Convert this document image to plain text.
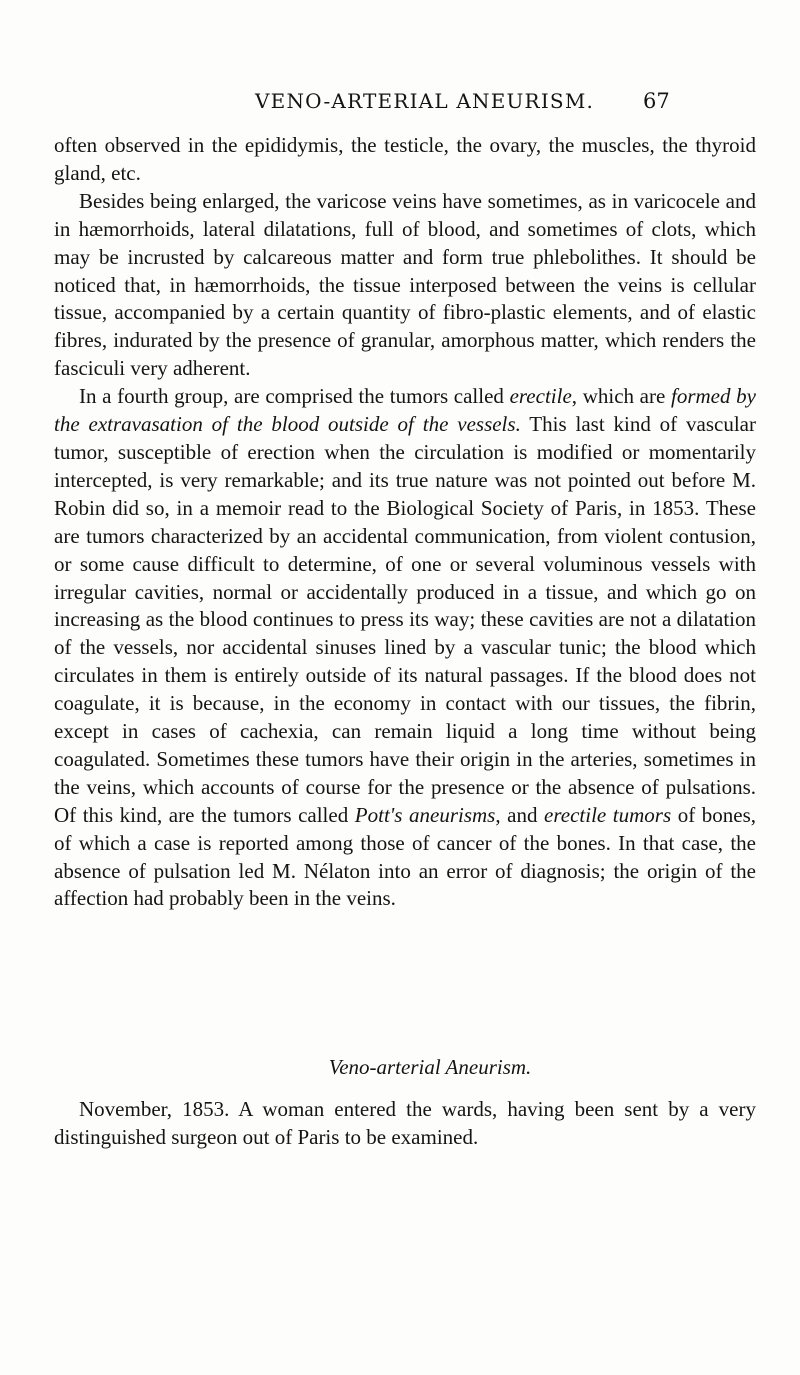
VENO-ARTERIAL ANEURISM. 67

often observed in the epididymis, the testicle, the ovary, the muscles, the thyroid gland, etc.

Besides being enlarged, the varicose veins have sometimes, as in varicocele and in hæmorrhoids, lateral dilatations, full of blood, and sometimes of clots, which may be incrusted by calcareous matter and form true phlebolithes. It should be noticed that, in hæmorrhoids, the tissue interposed between the veins is cellular tissue, accompanied by a certain quantity of fibro-plastic elements, and of elastic fibres, indurated by the presence of granular, amorphous matter, which renders the fasciculi very adherent.

In a fourth group, are comprised the tumors called erectile, which are formed by the extravasation of the blood outside of the vessels. This last kind of vascular tumor, susceptible of erection when the circulation is modified or momentarily intercepted, is very remarkable; and its true nature was not pointed out before M. Robin did so, in a memoir read to the Biological Society of Paris, in 1853. These are tumors characterized by an accidental communication, from violent contusion, or some cause difficult to determine, of one or several voluminous vessels with irregular cavities, normal or accidentally produced in a tissue, and which go on increasing as the blood continues to press its way; these cavities are not a dilatation of the vessels, nor accidental sinuses lined by a vascular tunic; the blood which circulates in them is entirely outside of its natural passages. If the blood does not coagulate, it is because, in the economy in contact with our tissues, the fibrin, except in cases of cachexia, can remain liquid a long time without being coagulated. Sometimes these tumors have their origin in the arteries, sometimes in the veins, which accounts of course for the presence or the absence of pulsations. Of this kind, are the tumors called Pott's aneurisms, and erectile tumors of bones, of which a case is reported among those of cancer of the bones. In that case, the absence of pulsation led M. Nélaton into an error of diagnosis; the origin of the affection had probably been in the veins.

Veno-arterial Aneurism.

November, 1853. A woman entered the wards, having been sent by a very distinguished surgeon out of Paris to be examined.
